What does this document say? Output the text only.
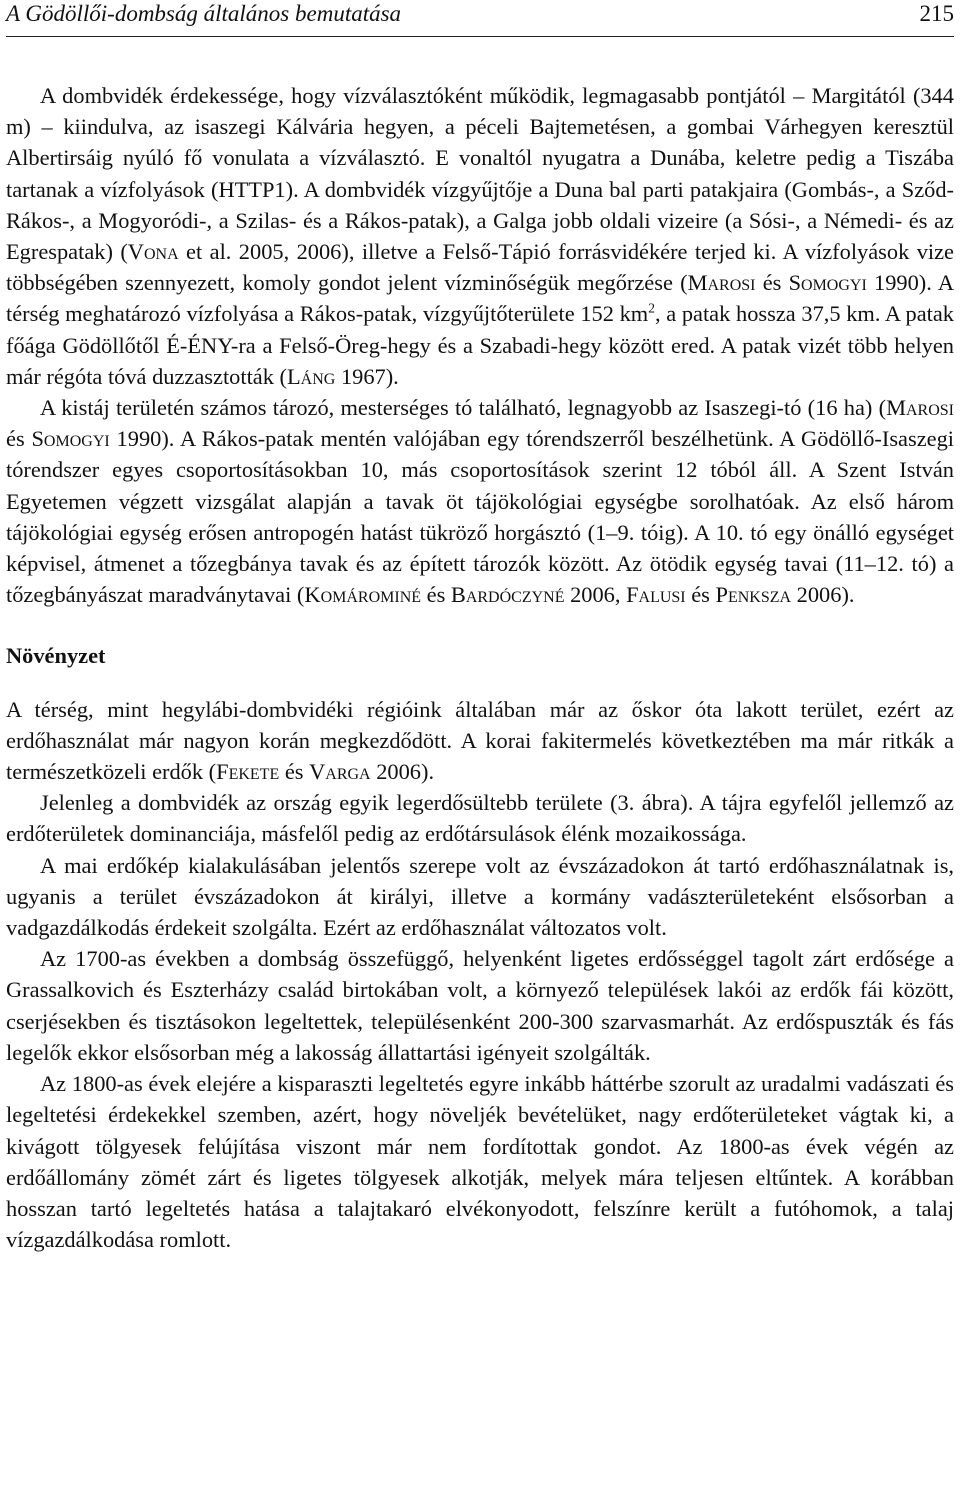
A Gödöllői-dombság általános bemutatása	215

A dombvidék érdekessége, hogy vízválasztóként működik, legmagasabb pontjától – Margitától (344 m) – kiindulva, az isaszegi Kálvária hegyen, a péceli Bajtemetésen, a gombai Várhegyen keresztül Albertirsáig nyúló fő vonulata a vízválasztó. E vonaltól nyugatra a Dunába, keletre pedig a Tiszába tartanak a vízfolyások (HTTP1). A dombvidék vízgyűjtője a Duna bal parti patakjaira (Gombás-, a Sződ-Rákos-, a Mogyoródi-, a Szilas- és a Rákos-patak), a Galga jobb oldali vizeire (a Sósi-, a Némedi- és az Egrespatak) (Vona et al. 2005, 2006), illetve a Felső-Tápió forrásvidékére terjed ki. A vízfolyások vize többségében szennyezett, komoly gondot jelent vízminőségük megőrzése (Marosi és Somogyi 1990). A térség meghatározó vízfolyása a Rákos-patak, vízgyűjtőterülete 152 $km^2$, a patak hossza 37,5 km. A patak főága Gödöllőtől É-ÉNY-ra a Felső-Öreg-hegy és a Szabadi-hegy között ered. A patak vizét több helyen már régóta tóvá duzzasztották (Láng 1967).

A kistáj területén számos tározó, mesterséges tó található, legnagyobb az Isaszegi-tó (16 ha) (Marosi és Somogyi 1990). A Rákos-patak mentén valójában egy tórendszerről beszélhetünk. A Gödöllő-Isaszegi tórendszer egyes csoportosításokban 10, más csoportosítások szerint 12 tóból áll. A Szent István Egyetemen végzett vizsgálat alapján a tavak öt tájökológiai egységbe sorolhatóak. Az első három tájökológiai egység erősen antropogén hatást tükröző horgásztó (1–9. tóig). A 10. tó egy önálló egységet képvisel, átmenet a tőzegbánya tavak és az épített tározók között. Az ötödik egység tavai (11–12. tó) a tőzegbányászat maradványtavai (Komárominé és Bardóczyné 2006, Falusi és Penksza 2006).

Növényzet

A térség, mint hegylábi-dombvidéki régióink általában már az őskor óta lakott terület, ezért az erdőhasználat már nagyon korán megkezdődött. A korai fakitermelés következtében ma már ritkák a természetközeli erdők (Fekete és Varga 2006).

Jelenleg a dombvidék az ország egyik legerdősültebb területe (3. ábra). A tájra egyfelől jellemző az erdőterületek dominanciája, másfelől pedig az erdőtársulások élénk mozaikossága.

A mai erdőkép kialakulásában jelentős szerepe volt az évszázadokon át tartó erdőhasználatnak is, ugyanis a terület évszázadokon át királyi, illetve a kormány vadászterületeként elsősorban a vadgazdálkodás érdekeit szolgálta. Ezért az erdőhasználat változatos volt.

Az 1700-as években a dombság összefüggő, helyenként ligetes erdősséggel tagolt zárt erdősége a Grassalkovich és Eszterházy család birtokában volt, a környező települések lakói az erdők fái között, cserjésekben és tisztásokon legeltettek, településenként 200-300 szarvasmarhát. Az erdőspuszták és fás legelők ekkor elsősorban még a lakosság állattartási igényeit szolgálták.

Az 1800-as évek elejére a kisparaszti legeltetés egyre inkább háttérbe szorult az uradalmi vadászati és legeltetési érdekekkel szemben, azért, hogy növeljék bevételüket, nagy erdőterületeket vágtak ki, a kivágott tölgyesek felújítása viszont már nem fordítottak gondot. Az 1800-as évek végén az erdőállomány zömét zárt és ligetes tölgyesek alkotják, melyek mára teljesen eltűntek. A korábban hosszan tartó legeltetés hatása a talajtakaró elvékonyodott, felszínre került a futóhomok, a talaj vízgazdálkodása romlott.
